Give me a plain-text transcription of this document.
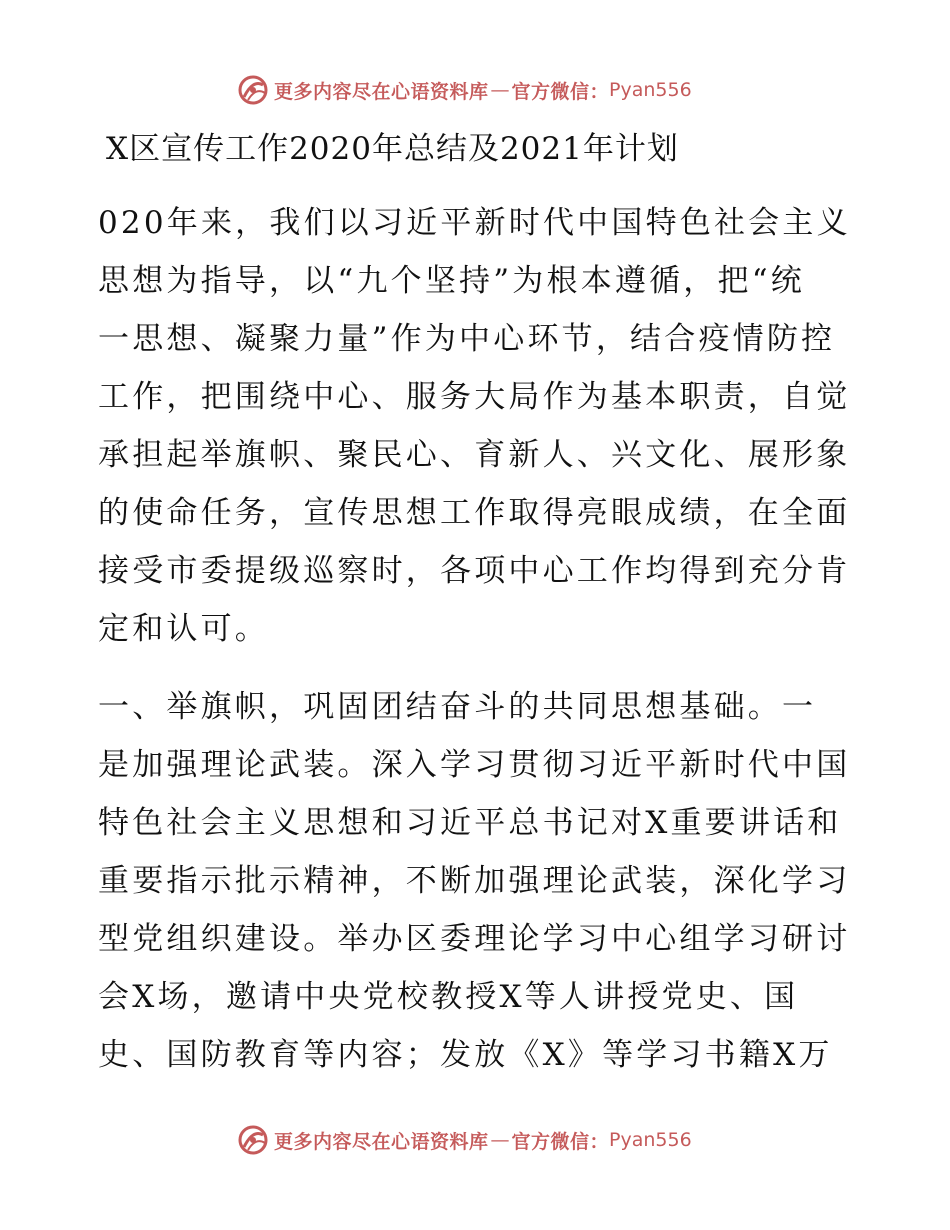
更多内容尽在心语资料库 — 官方微信： Pyan556
X区宣传工作2020年总结及2021年计划

020年来，我们以习近平新时代中国特色社会主义
思想为指导，以“九个坚持”为根本遵循，把“统
一思想、凝聚力量”作为中心环节，结合疫情防控
工作，把围绕中心、服务大局作为基本职责，自觉
承担起举旗帜、聚民心、育新人、兴文化、展形象
的使命任务，宣传思想工作取得亮眼成绩，在全面
接受市委提级巡察时，各项中心工作均得到充分肯
定和认可。

一、举旗帜，巩固团结奋斗的共同思想基础。一
是加强理论武装。深入学习贯彻习近平新时代中国
特色社会主义思想和习近平总书记对X重要讲话和
重要指示批示精神，不断加强理论武装，深化学习
型党组织建设。举办区委理论学习中心组学习研讨
会X场，邀请中央党校教授X等人讲授党史、国
史、国防教育等内容；发放《X》等学习书籍X万

更多内容尽在心语资料库 — 官方微信： Pyan556
